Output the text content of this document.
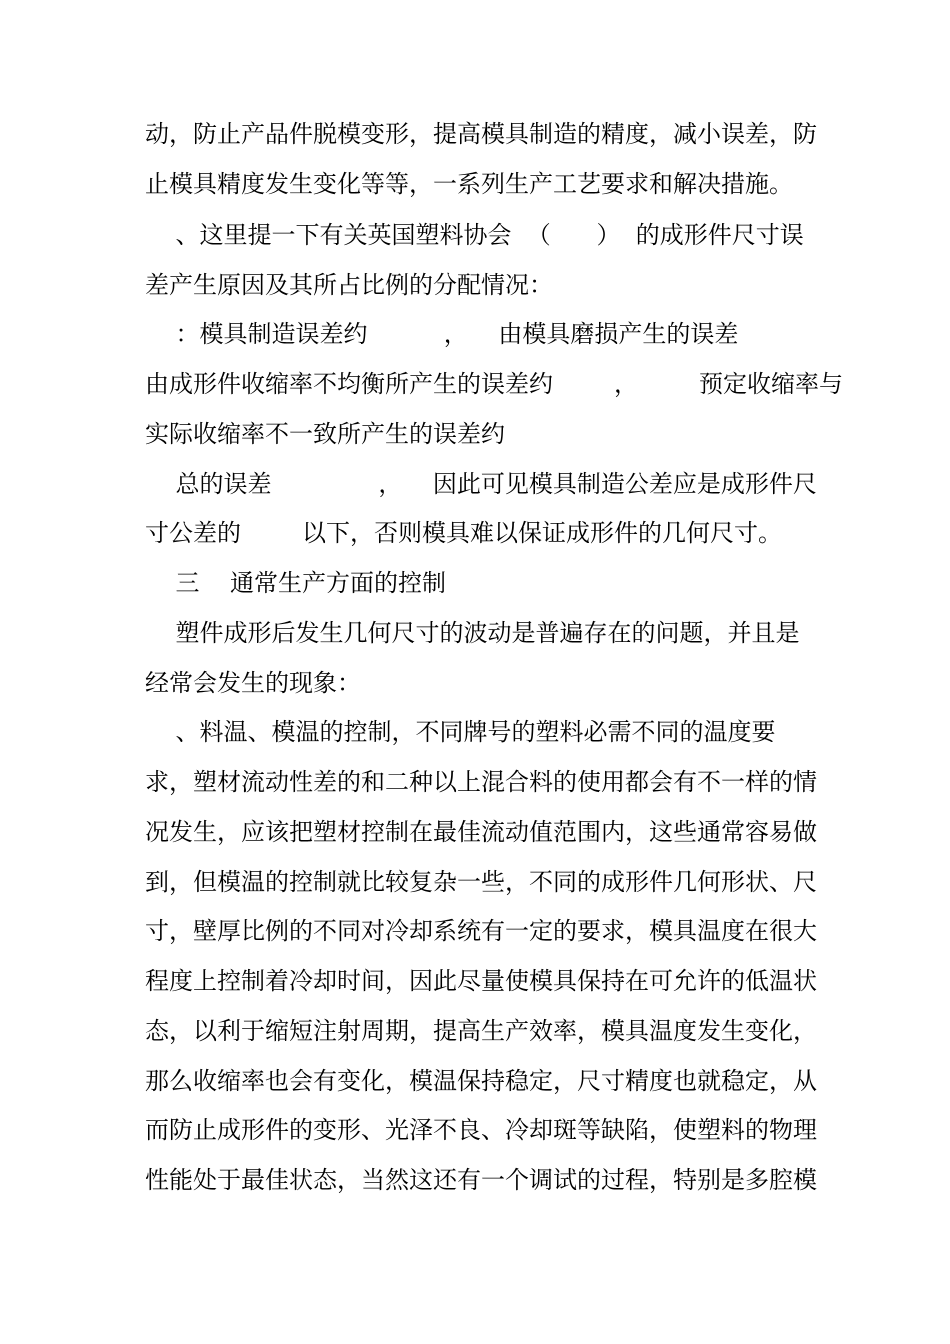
动，防止产品件脱模变形，提高模具制造的精度，减小误差，防
止模具精度发生变化等等，一系列生产工艺要求和解决措施。
、这里提一下有关英国塑料协会  （      ）  的成形件尺寸误
差产生原因及其所占比例的分配情况：
：模具制造误差约          ，    由模具磨损产生的误差
由成形件收缩率不均衡所产生的误差约        ，        预定收缩率与
实际收缩率不一致所产生的误差约
总的误差              ，    因此可见模具制造公差应是成形件尺
寸公差的        以下，否则模具难以保证成形件的几何尺寸。
三    通常生产方面的控制
塑件成形后发生几何尺寸的波动是普遍存在的问题，并且是
经常会发生的现象：
、料温、模温的控制，不同牌号的塑料必需不同的温度要
求，塑材流动性差的和二种以上混合料的使用都会有不一样的情
况发生，应该把塑材控制在最佳流动值范围内，这些通常容易做
到，但模温的控制就比较复杂一些，不同的成形件几何形状、尺
寸，壁厚比例的不同对冷却系统有一定的要求，模具温度在很大
程度上控制着冷却时间，因此尽量使模具保持在可允许的低温状
态，以利于缩短注射周期，提高生产效率，模具温度发生变化，
那么收缩率也会有变化，模温保持稳定，尺寸精度也就稳定，从
而防止成形件的变形、光泽不良、冷却斑等缺陷，使塑料的物理
性能处于最佳状态，当然这还有一个调试的过程，特别是多腔模
